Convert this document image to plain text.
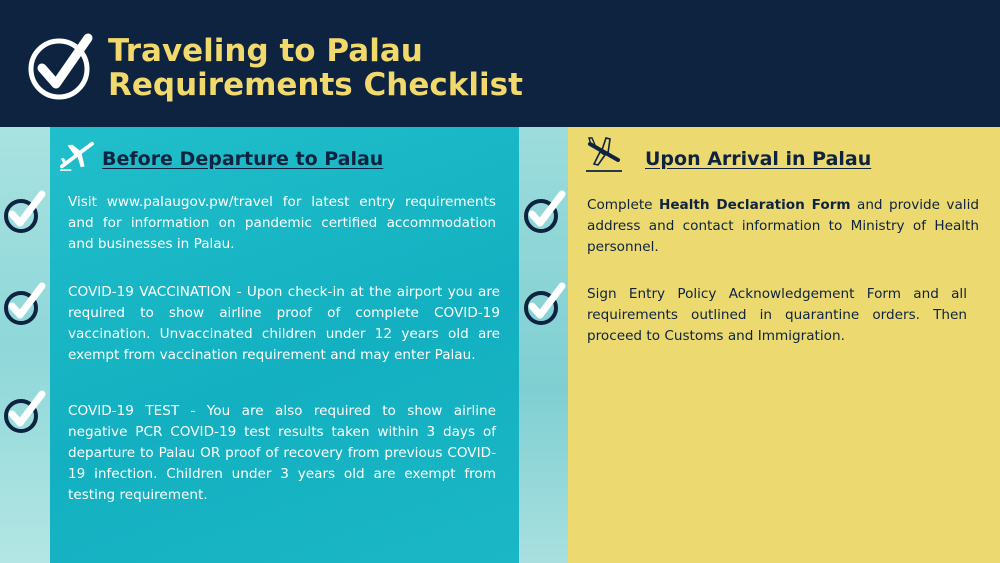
Traveling to Palau
Requirements Checklist
Before Departure to Palau
Visit www.palaugov.pw/travel for latest entry requirements and for information on pandemic certified accommodation and businesses in Palau.
COVID-19 VACCINATION - Upon check-in at the airport you are required to show airline proof of complete COVID-19 vaccination. Unvaccinated children under 12 years old are exempt from vaccination requirement and may enter Palau.
COVID-19 TEST - You are also required to show airline negative PCR COVID-19 test results taken within 3 days of departure to Palau OR proof of recovery from previous COVID-19 infection. Children under 3 years old are exempt from testing requirement.
Upon Arrival in Palau
Complete Health Declaration Form and provide valid address and contact information to Ministry of Health personnel.
Sign Entry Policy Acknowledgement Form and all requirements outlined in quarantine orders. Then proceed to Customs and Immigration.
